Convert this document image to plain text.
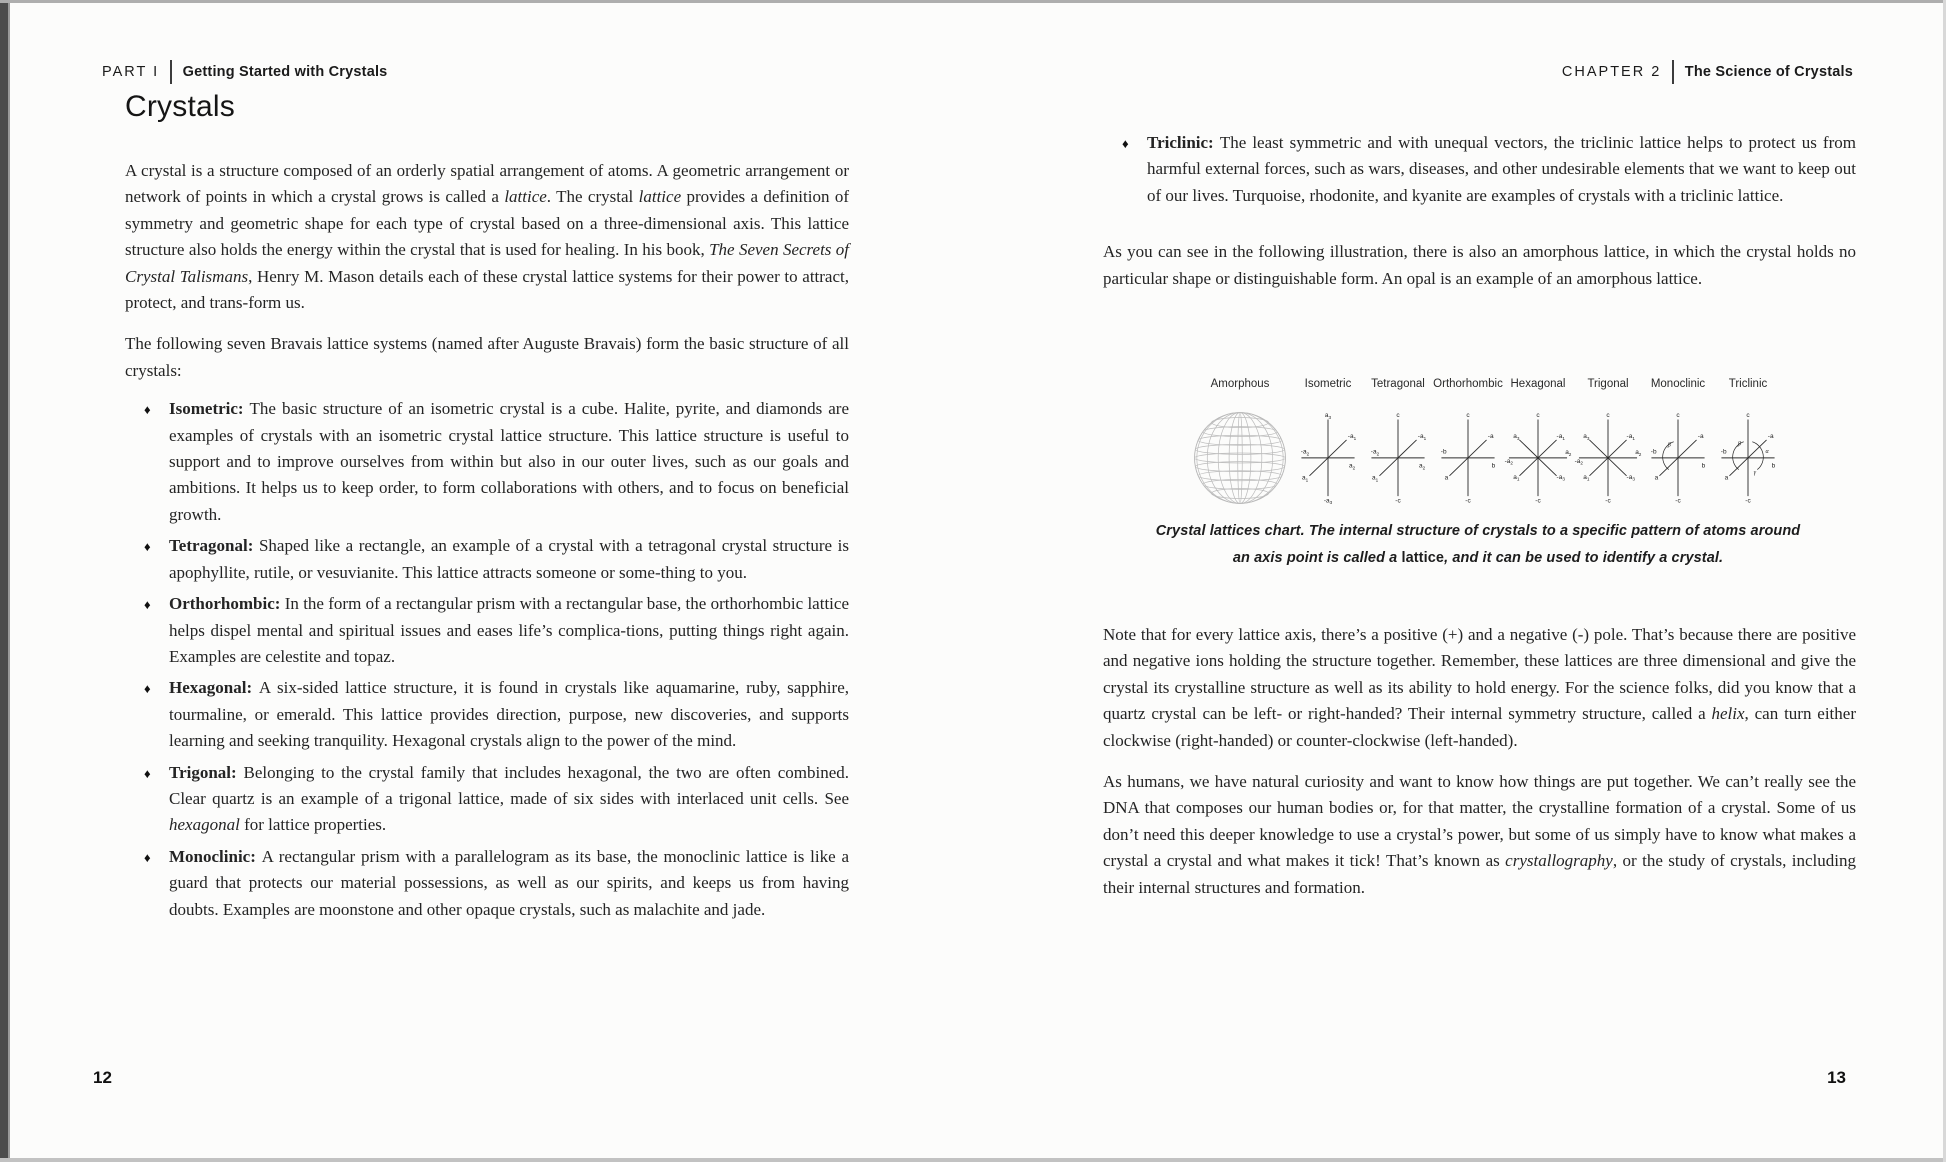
PART I Getting Started with Crystals	CHAPTER 2 The Science of Crystals
Crystals

A crystal is a structure composed of an orderly spatial arrangement of atoms. A geometric arrangement or network of points in which a crystal grows is called a lattice. The crystal lattice provides a definition of symmetry and geometric shape for each type of crystal based on a three-dimensional axis. This lattice structure also holds the energy within the crystal that is used for healing. In his book, The Seven Secrets of Crystal Talismans, Henry M. Mason details each of these crystal lattice systems for their power to attract, protect, and trans-form us.

The following seven Bravais lattice systems (named after Auguste Bravais) form the basic structure of all crystals:

♦ Isometric: The basic structure of an isometric crystal is a cube. Halite, pyrite, and diamonds are examples of crystals with an isometric crystal lattice structure. This lattice structure is useful to support and to improve ourselves from within but also in our outer lives, such as our goals and ambitions. It helps us to keep order, to form collaborations with others, and to focus on beneficial growth.
♦ Tetragonal: Shaped like a rectangle, an example of a crystal with a tetragonal crystal structure is apophyllite, rutile, or vesuvianite. This lattice attracts someone or some-thing to you.
♦ Orthorhombic: In the form of a rectangular prism with a rectangular base, the orthorhombic lattice helps dispel mental and spiritual issues and eases life’s complica-tions, putting things right again. Examples are celestite and topaz.
♦ Hexagonal: A six-sided lattice structure, it is found in crystals like aquamarine, ruby, sapphire, tourmaline, or emerald. This lattice provides direction, purpose, new discoveries, and supports learning and seeking tranquility. Hexagonal crystals align to the power of the mind.
♦ Trigonal: Belonging to the crystal family that includes hexagonal, the two are often combined. Clear quartz is an example of a trigonal lattice, made of six sides with interlaced unit cells. See hexagonal for lattice properties.
♦ Monoclinic: A rectangular prism with a parallelogram as its base, the monoclinic lattice is like a guard that protects our material possessions, as well as our spirits, and keeps us from having doubts. Examples are moonstone and other opaque crystals, such as malachite and jade.
♦ Triclinic: The least symmetric and with unequal vectors, the triclinic lattice helps to protect us from harmful external forces, such as wars, diseases, and other undesirable elements that we want to keep out of our lives. Turquoise, rhodonite, and kyanite are examples of crystals with a triclinic lattice.

As you can see in the following illustration, there is also an amorphous lattice, in which the crystal holds no particular shape or distinguishable form. An opal is an example of an amorphous lattice.

Amorphous	Isometric
$a_3$
$-a_3$
$-a_2$
$a_2$
$-a_1$
$a_1$
Tetragonal
c
-c
$-a_2$
$a_2$
$-a_1$
$a_1$
Orthorhombic
c
-c
-b
b
-a
a
Hexagonal
c
-c
$-a_2$
$a_2$
$a_3$	$-a_1$
$a_1$	$-a_3$
Trigonal
c
-c
$-a_2$
$a_2$
$a_3$	$-a_1$
$a_1$	$-a_3$
Monoclinic
c
-c
-b
b
-a
a
β
Triclinic
c
-c
-b
b
-a
a
β
α
γ
Crystal lattices chart. The internal structure of crystals to a specific pattern of atoms around an axis point is called a lattice, and it can be used to identify a crystal.

Note that for every lattice axis, there’s a positive (+) and a negative (-) pole. That’s because there are positive and negative ions holding the structure together. Remember, these lattices are three dimensional and give the crystal its crystalline structure as well as its ability to hold energy. For the science folks, did you know that a quartz crystal can be left- or right-handed? Their internal symmetry structure, called a helix, can turn either clockwise (right-handed) or counter-clockwise (left-handed).

As humans, we have natural curiosity and want to know how things are put together. We can’t really see the DNA that composes our human bodies or, for that matter, the crystalline formation of a crystal. Some of us don’t need this deeper knowledge to use a crystal’s power, but some of us simply have to know what makes a crystal a crystal and what makes it tick! That’s known as crystallography, or the study of crystals, including their internal structures and formation.

12	13
